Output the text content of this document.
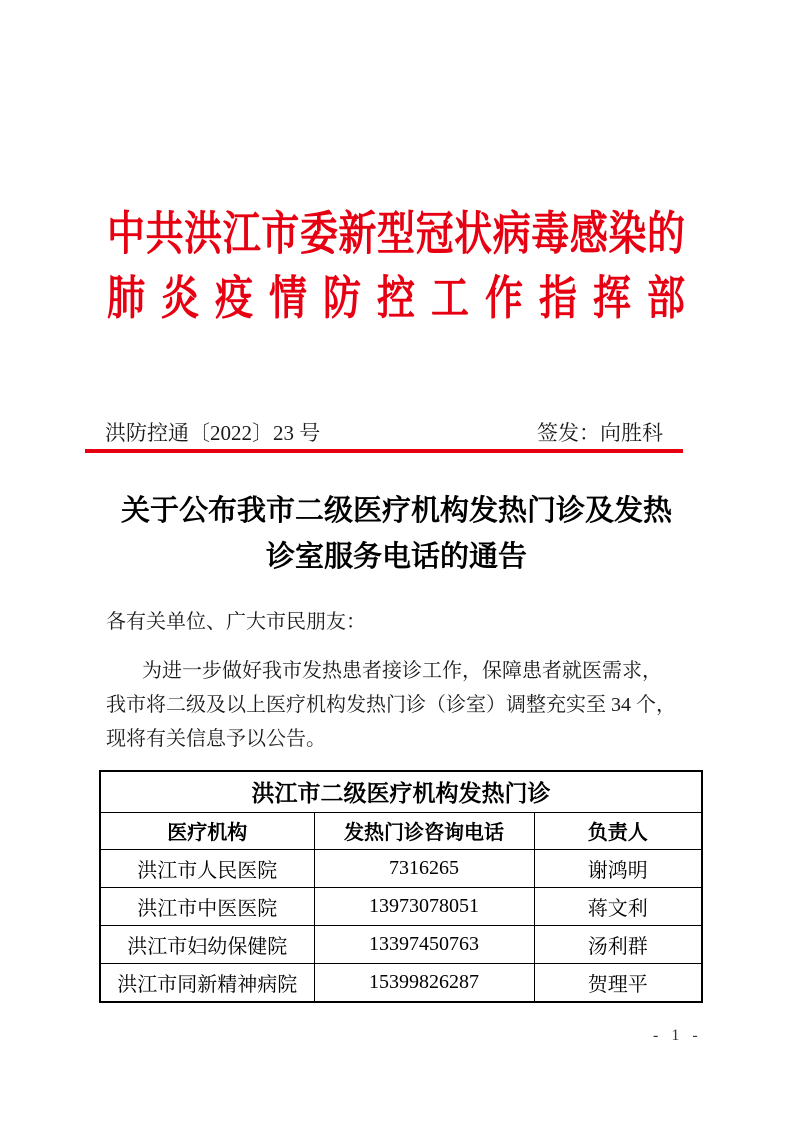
中共洪江市委新型冠状病毒感染的
肺炎疫情防控工作指挥部
洪防控通〔2022〕23 号	签发：向胜科
关于公布我市二级医疗机构发热门诊及发热
诊室服务电话的通告
各有关单位、广大市民朋友：
为进一步做好我市发热患者接诊工作，保障患者就医需求，
我市将二级及以上医疗机构发热门诊（诊室）调整充实至 34 个，
现将有关信息予以公告。
洪江市二级医疗机构发热门诊		
医疗机构	发热门诊咨询电话	负责人
洪江市人民医院	7316265	谢鸿明
洪江市中医医院	13973078051	蒋文利
洪江市妇幼保健院	13397450763	汤利群
洪江市同新精神病院	15399826287	贺理平
- 1 -
